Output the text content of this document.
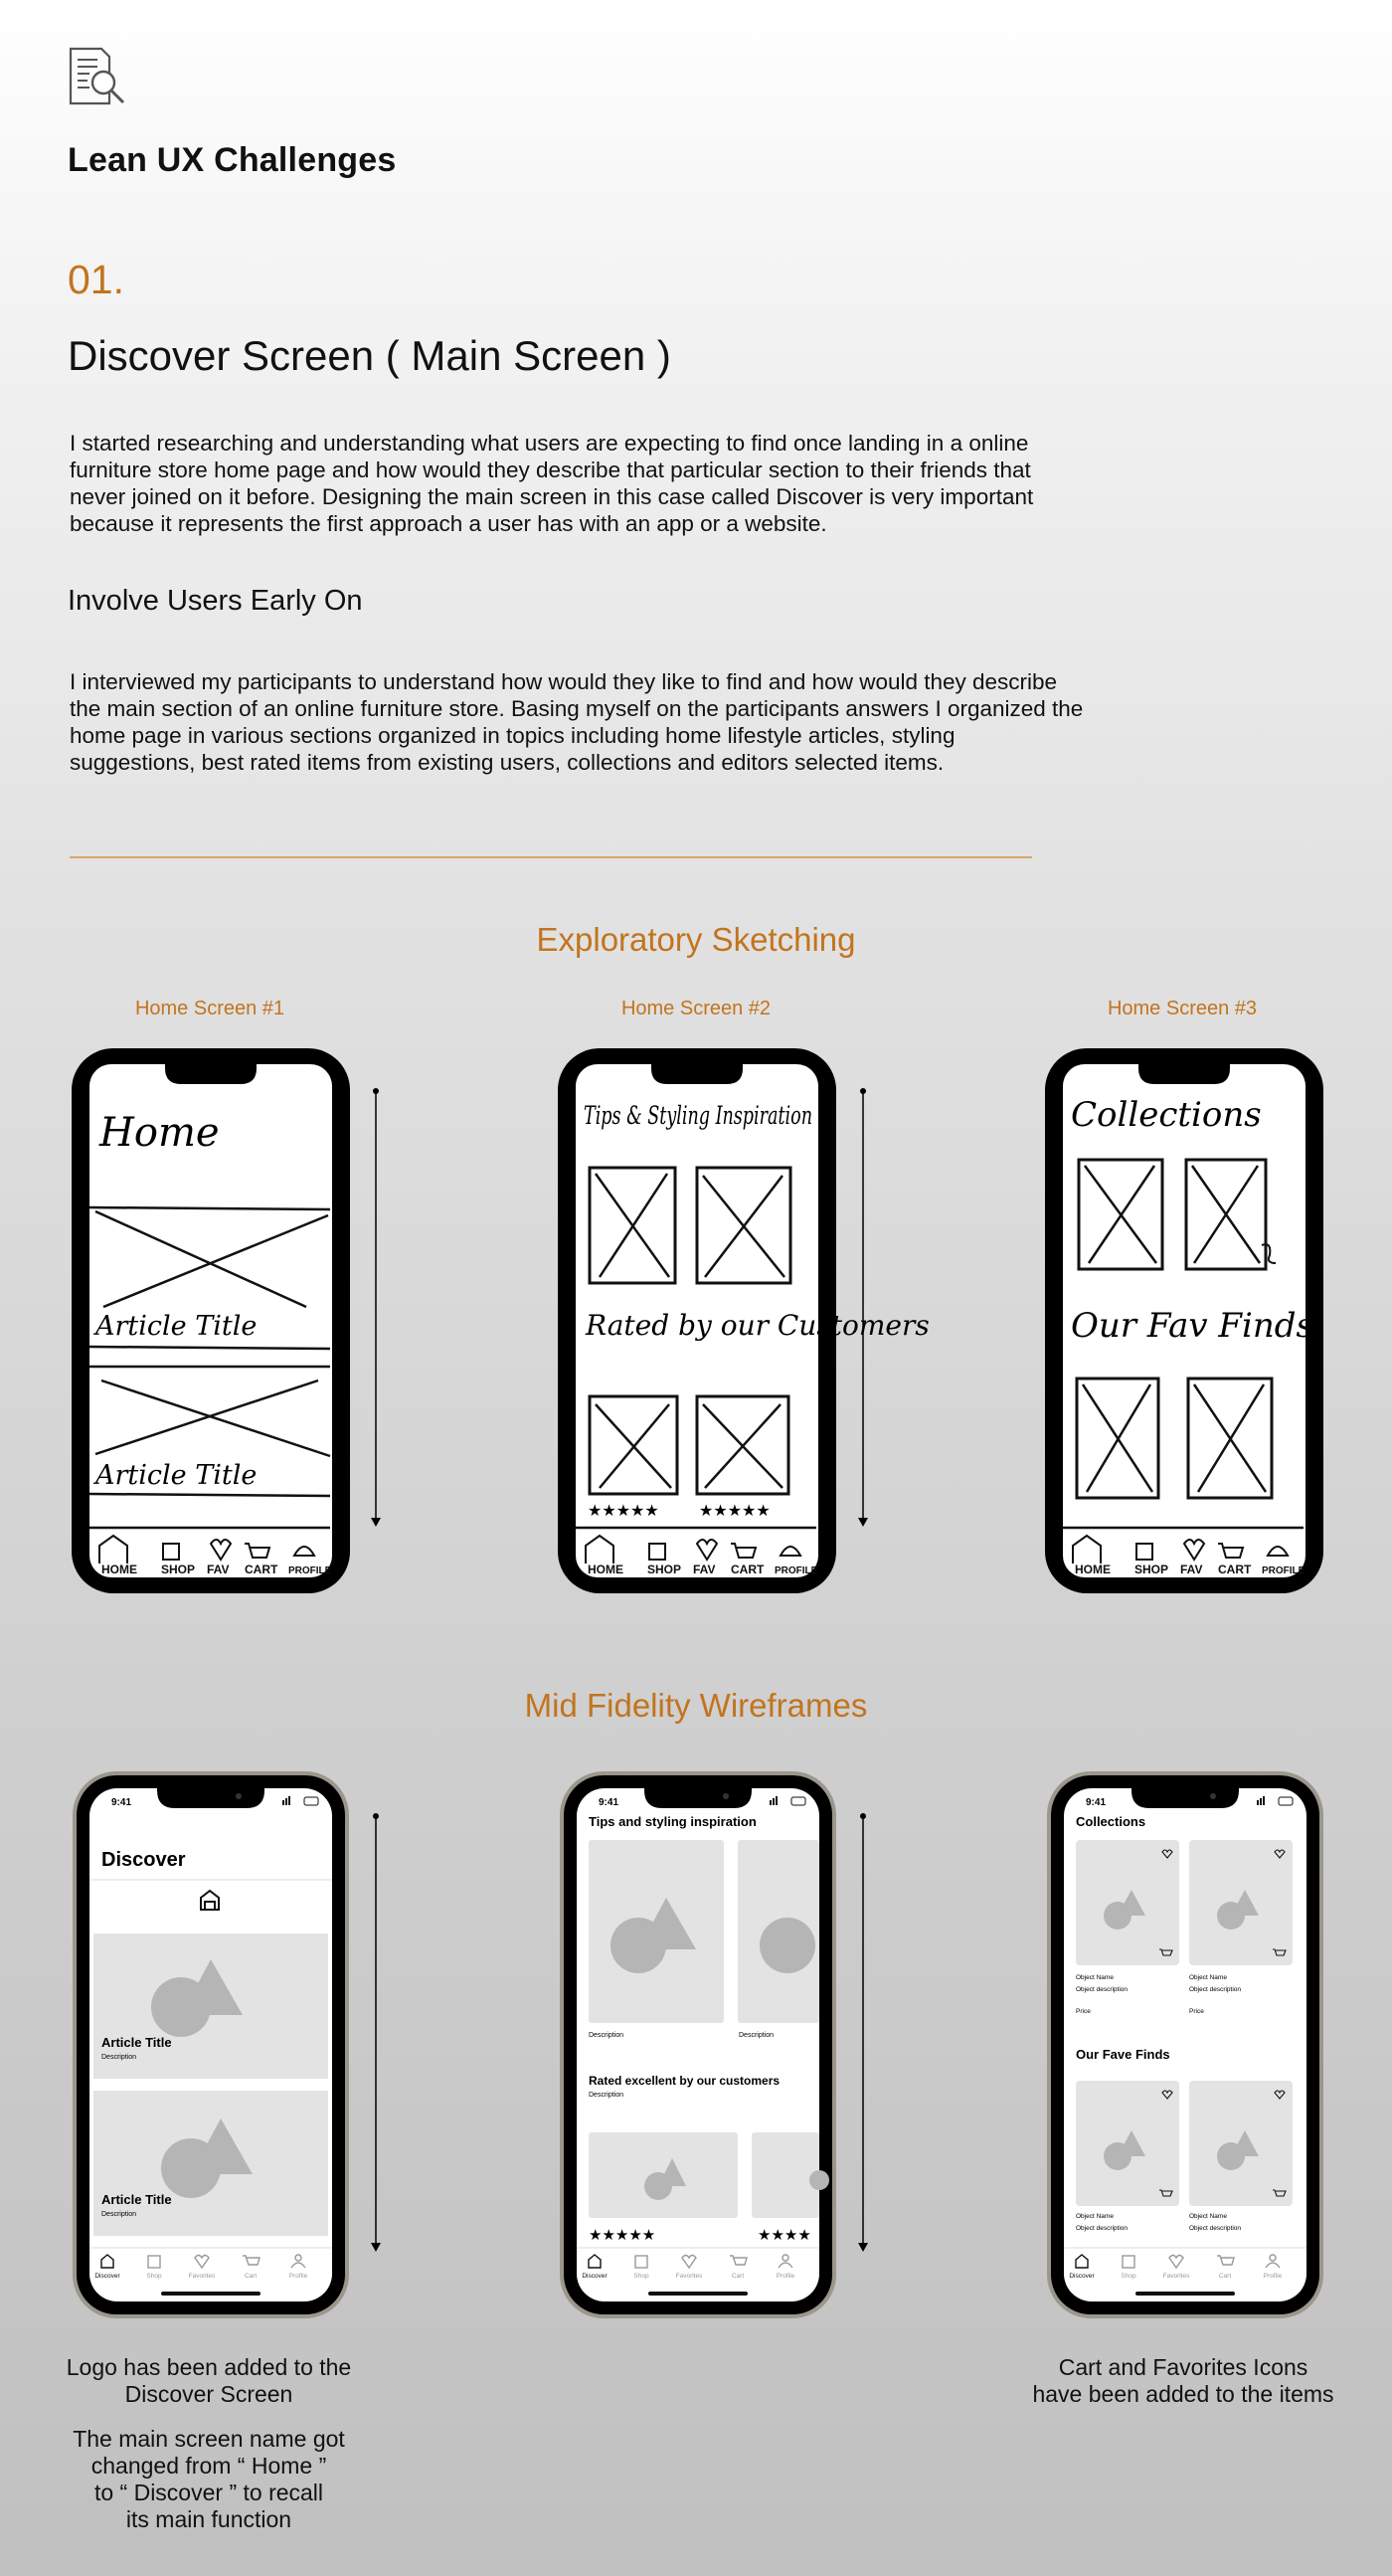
Lean UX Challenges
01.
Discover Screen ( Main Screen )
I started researching and understanding what users are expecting to find once landing in a online furniture store home page and how would they describe that particular section to their friends that never joined on it before. Designing the main screen in this case called Discover is very important because it represents the first approach a user has with an app or a website.
Involve Users Early On
I interviewed my participants to understand how would they like to find and how would they describe the main section of an online furniture store. Basing myself on the participants answers I organized the home page in various sections organized in topics including home lifestyle articles, styling suggestions, best rated items from existing users, collections and editors selected items.
Exploratory Sketching
Home Screen #1	Home Screen #2	Home Screen #3
Home
Article Title
Article Title
HOME SHOP FAV CART PROFILE
Tips & Styling Inspiration
Rated by our Customers
★★★★★	★★★★★
HOME SHOP FAV CART PROFILE
Collections
Our Fav Finds
HOME SHOP FAV CART PROFILE
Mid Fidelity Wireframes
9:41
Discover
Article Title
Description
Article Title
Description
Discover	Shop	Favorites	Cart	Profile
9:41
Tips and styling inspiration
Description	Description
Rated excellent by our customers
Description
★★★★★	★★★★
Discover	Shop	Favorites	Cart	Profile
9:41
Collections
Object Name
Object description
Price
Object Name
Object description
Price
Our Fave Finds
Object Name
Object description
Object Name
Object description
Discover	Shop	Favorites	Cart	Profile
Logo has been added to the
Discover Screen
The main screen name got
changed from “ Home ”
to “ Discover ” to recall
its main function
Cart and Favorites Icons
have been added to the items
